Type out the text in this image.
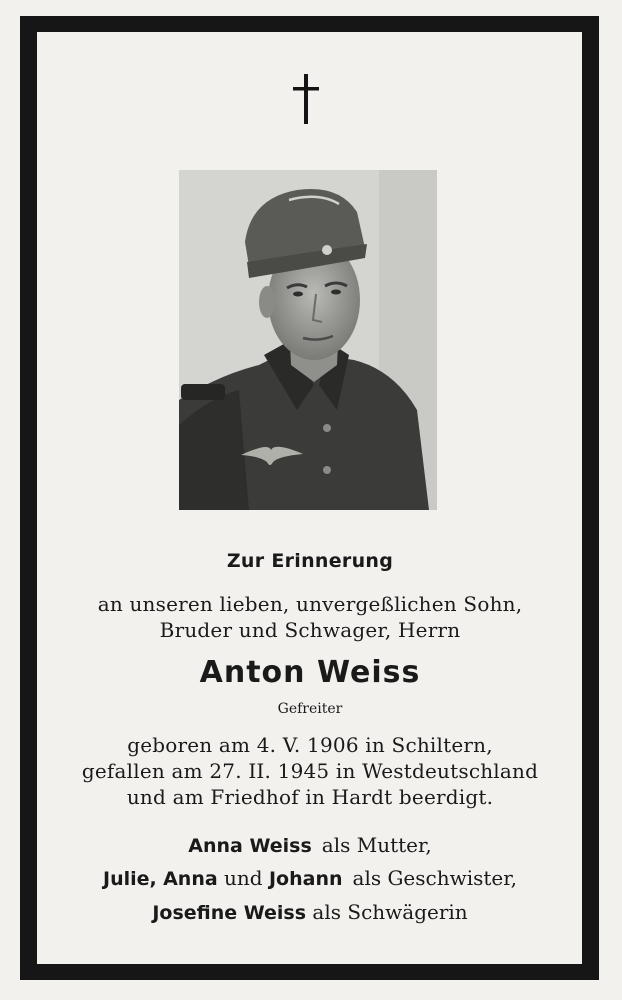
Zur Erinnerung
an unseren lieben, unvergeßlichen Sohn,
Bruder und Schwager, Herrn
Anton Weiss
Gefreiter
geboren am 4. V. 1906 in Schiltern,
gefallen am 27. II. 1945 in Westdeutschland
und am Friedhof in Hardt beerdigt.
Anna Weiss als Mutter,
Julie, Anna und Johann als Geschwister,
Josefine Weiss als Schwägerin
